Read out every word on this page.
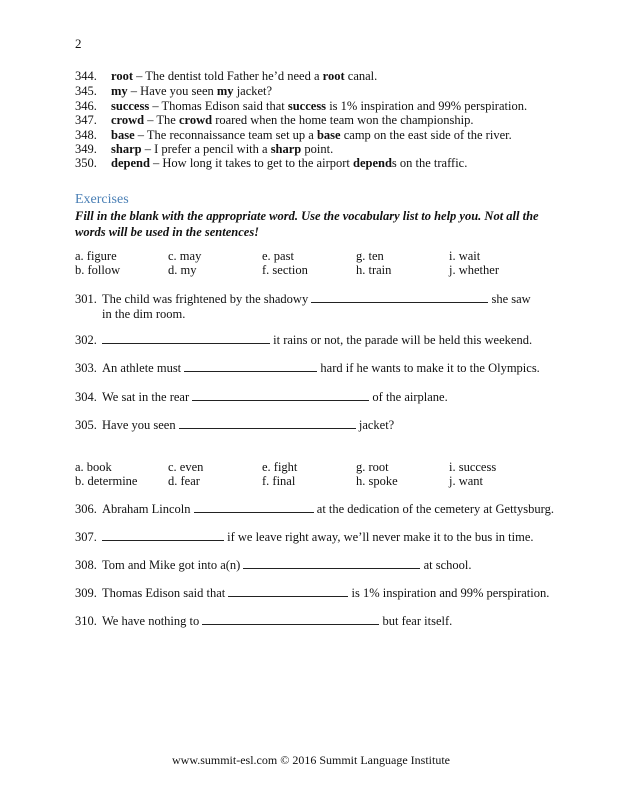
2
344. root – The dentist told Father he’d need a root canal.
345. my – Have you seen my jacket?
346. success – Thomas Edison said that success is 1% inspiration and 99% perspiration.
347. crowd – The crowd roared when the home team won the championship.
348. base – The reconnaissance team set up a base camp on the east side of the river.
349. sharp – I prefer a pencil with a sharp point.
350. depend – How long it takes to get to the airport depends on the traffic.
Exercises
Fill in the blank with the appropriate word. Use the vocabulary list to help you. Not all the words will be used in the sentences!
a. figure	c. may	e. past	g. ten	i. wait
b. follow	d. my	f. section	h. train	j. whether
301. The child was frightened by the shadowy	she saw
in the dim room.
302.	it rains or not, the parade will be held this weekend.
303. An athlete must	hard if he wants to make it to the Olympics.
304. We sat in the rear	of the airplane.
305. Have you seen	jacket?
a. book	c. even	e. fight	g. root	i. success
b. determine d. fear	f. final	h. spoke	j. want
306. Abraham Lincoln	at the dedication of the cemetery at Gettysburg.
307.	if we leave right away, we’ll never make it to the bus in time.
308. Tom and Mike got into a(n)	at school.
309. Thomas Edison said that	is 1% inspiration and 99% perspiration.
310. We have nothing to	but fear itself.
www.summit-esl.com © 2016 Summit Language Institute
